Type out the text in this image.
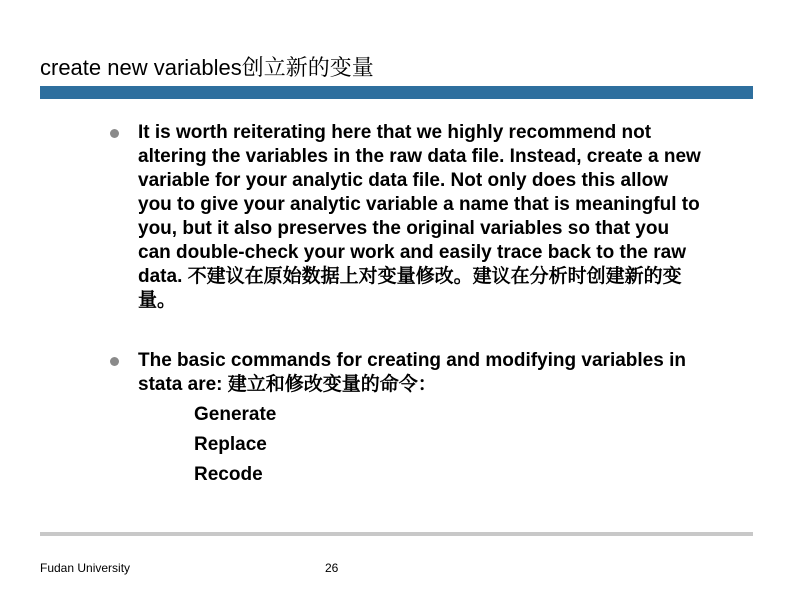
create new variables创立新的变量
It is worth reiterating here that we highly recommend not altering the variables in the raw data file. Instead, create a new variable for your analytic data file. Not only does this allow you to give your analytic variable a name that is meaningful to you, but it also preserves the original variables so that you can double-check your work and easily trace back to the raw data. 不建议在原始数据上对变量修改。建议在分析时创建新的变量。
The basic commands for creating and modifying variables in stata are: 建立和修改变量的命令：
Generate
Replace
Recode
Fudan University	26
